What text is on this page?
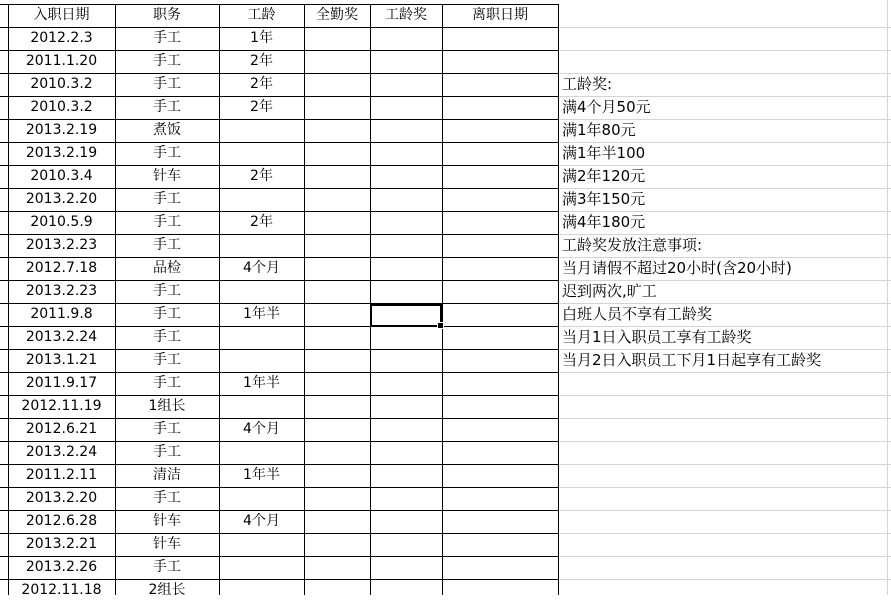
入职日期	职务	工龄	全勤奖	工龄奖	离职日期
2012.2.3	手工	1年
2011.1.20	手工	2年
2010.3.2	手工	2年
2010.3.2	手工	2年
2013.2.19	煮饭
2013.2.19	手工
2010.3.4	针车	2年
2013.2.20	手工
2010.5.9	手工	2年
2013.2.23	手工
2012.7.18	品检	4个月
2013.2.23	手工
2011.9.8	手工	1年半
2013.2.24	手工
2013.1.21	手工
2011.9.17	手工	1年半
2012.11.19	1组长
2012.6.21	手工	4个月
2013.2.24	手工
2011.2.11	清洁	1年半
2013.2.20	手工
2012.6.28	针车	4个月
2013.2.21	针车
2013.2.26	手工
2012.11.18	2组长
工龄奖:
满4个月50元
满1年80元
满1年半100
满2年120元
满3年150元
满4年180元
工龄奖发放注意事项:
当月请假不超过20小时(含20小时)
迟到两次,旷工
白班人员不享有工龄奖
当月1日入职员工享有工龄奖
当月2日入职员工下月1日起享有工龄奖
